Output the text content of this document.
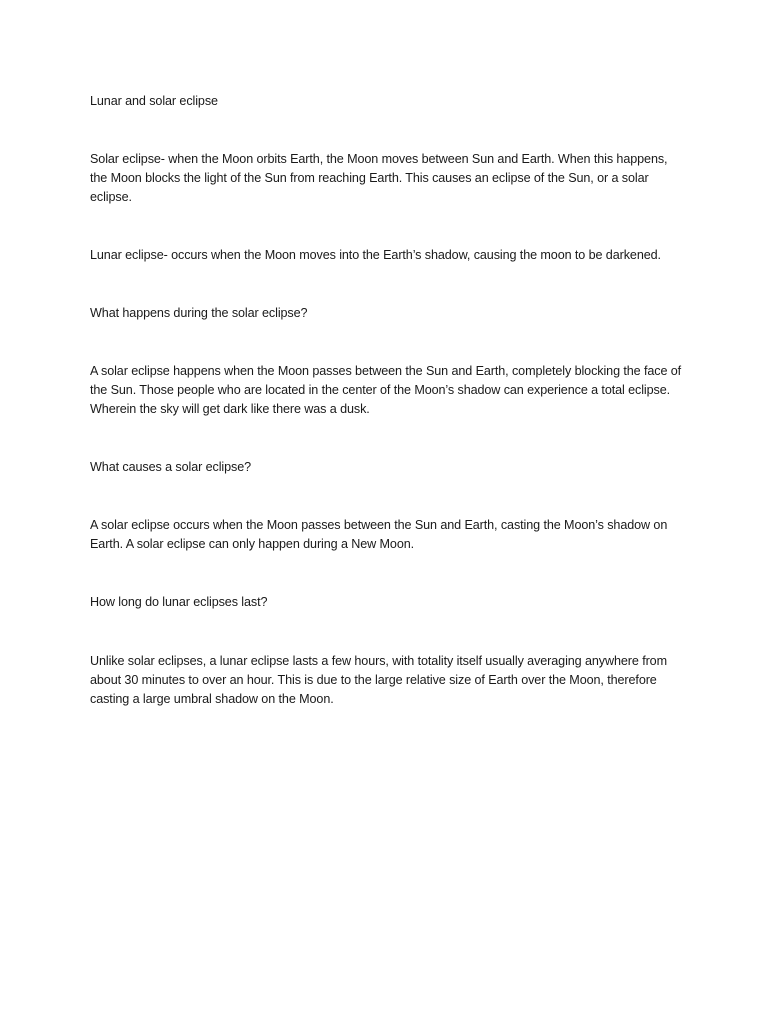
Lunar and solar eclipse

Solar eclipse- when the Moon orbits Earth, the Moon moves between Sun and Earth. When this happens, the Moon blocks the light of the Sun from reaching Earth. This causes an eclipse of the Sun, or a solar eclipse.

Lunar eclipse- occurs when the Moon moves into the Earth’s shadow, causing the moon to be darkened.

What happens during the solar eclipse?

A solar eclipse happens when the Moon passes between the Sun and Earth, completely blocking the face of the Sun. Those people who are located in the center of the Moon’s shadow can experience a total eclipse. Wherein the sky will get dark like there was a dusk.

What causes a solar eclipse?

A solar eclipse occurs when the Moon passes between the Sun and Earth, casting the Moon’s shadow on Earth. A solar eclipse can only happen during a New Moon.

How long do lunar eclipses last?

Unlike solar eclipses, a lunar eclipse lasts a few hours, with totality itself usually averaging anywhere from about 30 minutes to over an hour. This is due to the large relative size of Earth over the Moon, therefore casting a large umbral shadow on the Moon.
